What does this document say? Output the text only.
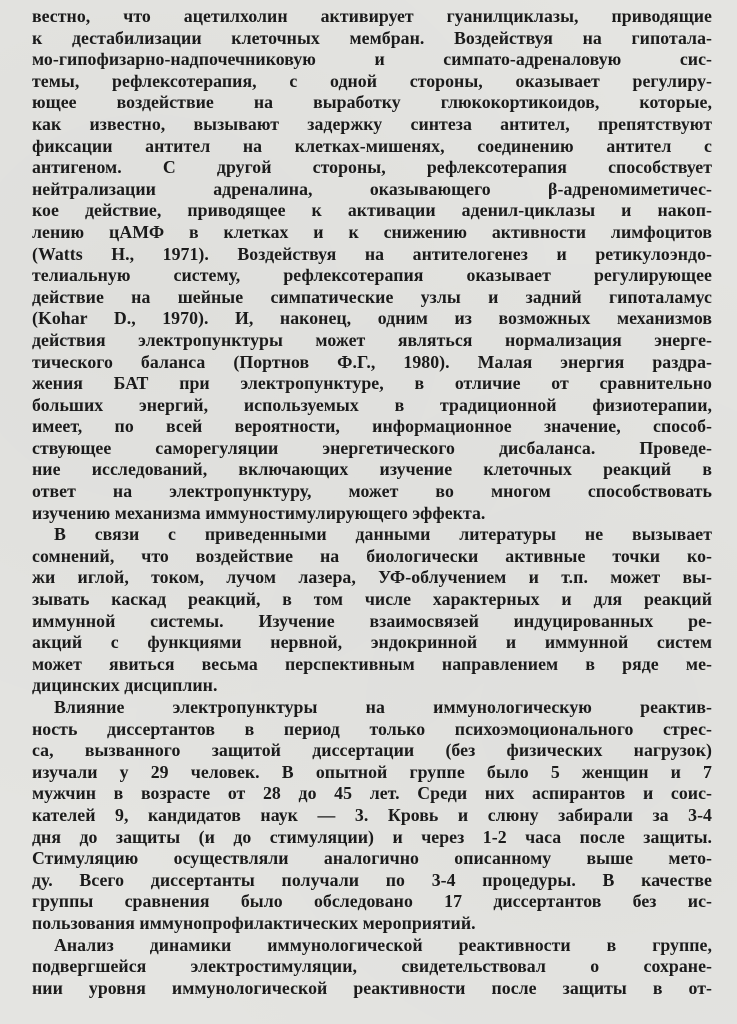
вестно, что ацетилхолин активирует гуанилциклазы, приводящие
к дестабилизации клеточных мембран. Воздействуя на гипотала-
мо-гипофизарно-надпочечниковую и симпато-адреналовую сис-
темы, рефлексотерапия, с одной стороны, оказывает регулиру-
ющее воздействие на выработку глюкокортикоидов, которые,
как известно, вызывают задержку синтеза антител, препятствуют
фиксации антител на клетках-мишенях, соединению антител с
антигеном. С другой стороны, рефлексотерапия способствует
нейтрализации адреналина, оказывающего β-адреномиметичес-
кое действие, приводящее к активации аденил-циклазы и накоп-
лению цАМФ в клетках и к снижению активности лимфоцитов
(Watts H., 1971). Воздействуя на антителогенез и ретикулоэндо-
телиальную систему, рефлексотерапия оказывает регулирующее
действие на шейные симпатические узлы и задний гипоталамус
(Kohar D., 1970). И, наконец, одним из возможных механизмов
действия электропунктуры может являться нормализация энерге-
тического баланса (Портнов Ф.Г., 1980). Малая энергия раздра-
жения БАТ при электропунктуре, в отличие от сравнительно
больших энергий, используемых в традиционной физиотерапии,
имеет, по всей вероятности, информационное значение, способ-
ствующее саморегуляции энергетического дисбаланса. Проведе-
ние исследований, включающих изучение клеточных реакций в
ответ на электропунктуру, может во многом способствовать
изучению механизма иммуностимулирующего эффекта.
В связи с приведенными данными литературы не вызывает
сомнений, что воздействие на биологически активные точки ко-
жи иглой, током, лучом лазера, УФ-облучением и т.п. может вы-
зывать каскад реакций, в том числе характерных и для реакций
иммунной системы. Изучение взаимосвязей индуцированных ре-
акций с функциями нервной, эндокринной и иммунной систем
может явиться весьма перспективным направлением в ряде ме-
дицинских дисциплин.
Влияние электропунктуры на иммунологическую реактив-
ность диссертантов в период только психоэмоционального стрес-
са, вызванного защитой диссертации (без физических нагрузок)
изучали у 29 человек. В опытной группе было 5 женщин и 7
мужчин в возрасте от 28 до 45 лет. Среди них аспирантов и соис-
кателей 9, кандидатов наук — 3. Кровь и слюну забирали за 3-4
дня до защиты (и до стимуляции) и через 1-2 часа после защиты.
Стимуляцию осуществляли аналогично описанному выше мето-
ду. Всего диссертанты получали по 3-4 процедуры. В качестве
группы сравнения было обследовано 17 диссертантов без ис-
пользования иммунопрофилактических мероприятий.
Анализ динамики иммунологической реактивности в группе,
подвергшейся электростимуляции, свидетельствовал о сохране-
нии уровня иммунологической реактивности после защиты в от-
